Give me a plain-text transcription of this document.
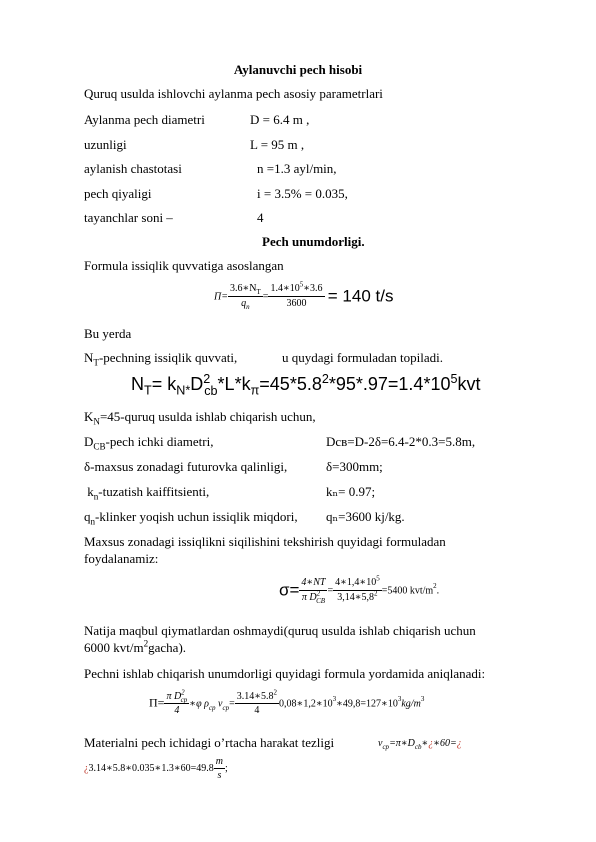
Aylanuvchi pech hisobi
Quruq usulda ishlovchi aylanma pech asosiy parametrlari
Aylanma pech diametri	D = 6.4 m ,
uzunligi	L = 95 m ,
aylanish chastotasi	n =1.3 ayl/min,
pech qiyaligi	i = 3.5% = 0.035,
tayanchlar soni –	4
Pech unumdorligi.
Formula issiqlik quvvatiga asoslangan
$\Pi= \frac{3.6∗N_T}{q_n} = \frac{1.4∗10^5∗3.6}{3600} = 140$ t/s
Bu yerda
$N_T$-pechning issiqlik quvvati,	u quydagi formuladan topiladi.
$N_T= k_{N*}D^2_{cb}*L*k_\pi=45*5.8^2*95*.97=1.4*10^5kvt$
$K_N=45$-quruq usulda ishlab chiqarish uchun,
$D_{CB}$-pech ichki diametri,	Dсв=D-2δ=6.4-2*0.3=5.8m,
δ-maxsus zonadagi futurovka qalinligi,	δ=300mm;
$k_n$-tuzatish kaiffitsienti,	kₙ= 0.97;
$q_n$-klinker yoqish uchun issiqlik miqdori, qₙ=3600 kj/kg.
Maxsus zonadagi issiqlikni siqilishini tekshirish quyidagi formuladan
foydalanamiz:
$\sigma= \frac{4∗NT}{\pi D^2_{CB}} = \frac{4∗1,4∗10^5}{3,14∗5,8^2} =5400$ kvt/$m^2$.
Natija maqbul qiymatlardan oshmaydi(quruq usulda ishlab chiqarish uchun
6000 kvt/$m^2gacha$).
Pechni ishlab chiqarish unumdorligi quyidagi formula yordamida aniqlanadi:
$\Pi= \frac{\pi D^2_{cp}}{4}$ ∗φ $\rho_{cp}$ $v_{cp}= \frac{3.14∗5.8^2}{4}$ $0,08∗1,2∗10^3∗49,8=127∗10^3kg/m^3$
Materialni pech ichidagi o’rtacha harakat tezligi	$v_{cp}=\pi∗D_{cb}∗¿∗60=¿$
¿3.14∗5.8∗0.035∗1.3∗60=49.8 $\frac{m}{s}$ ;
